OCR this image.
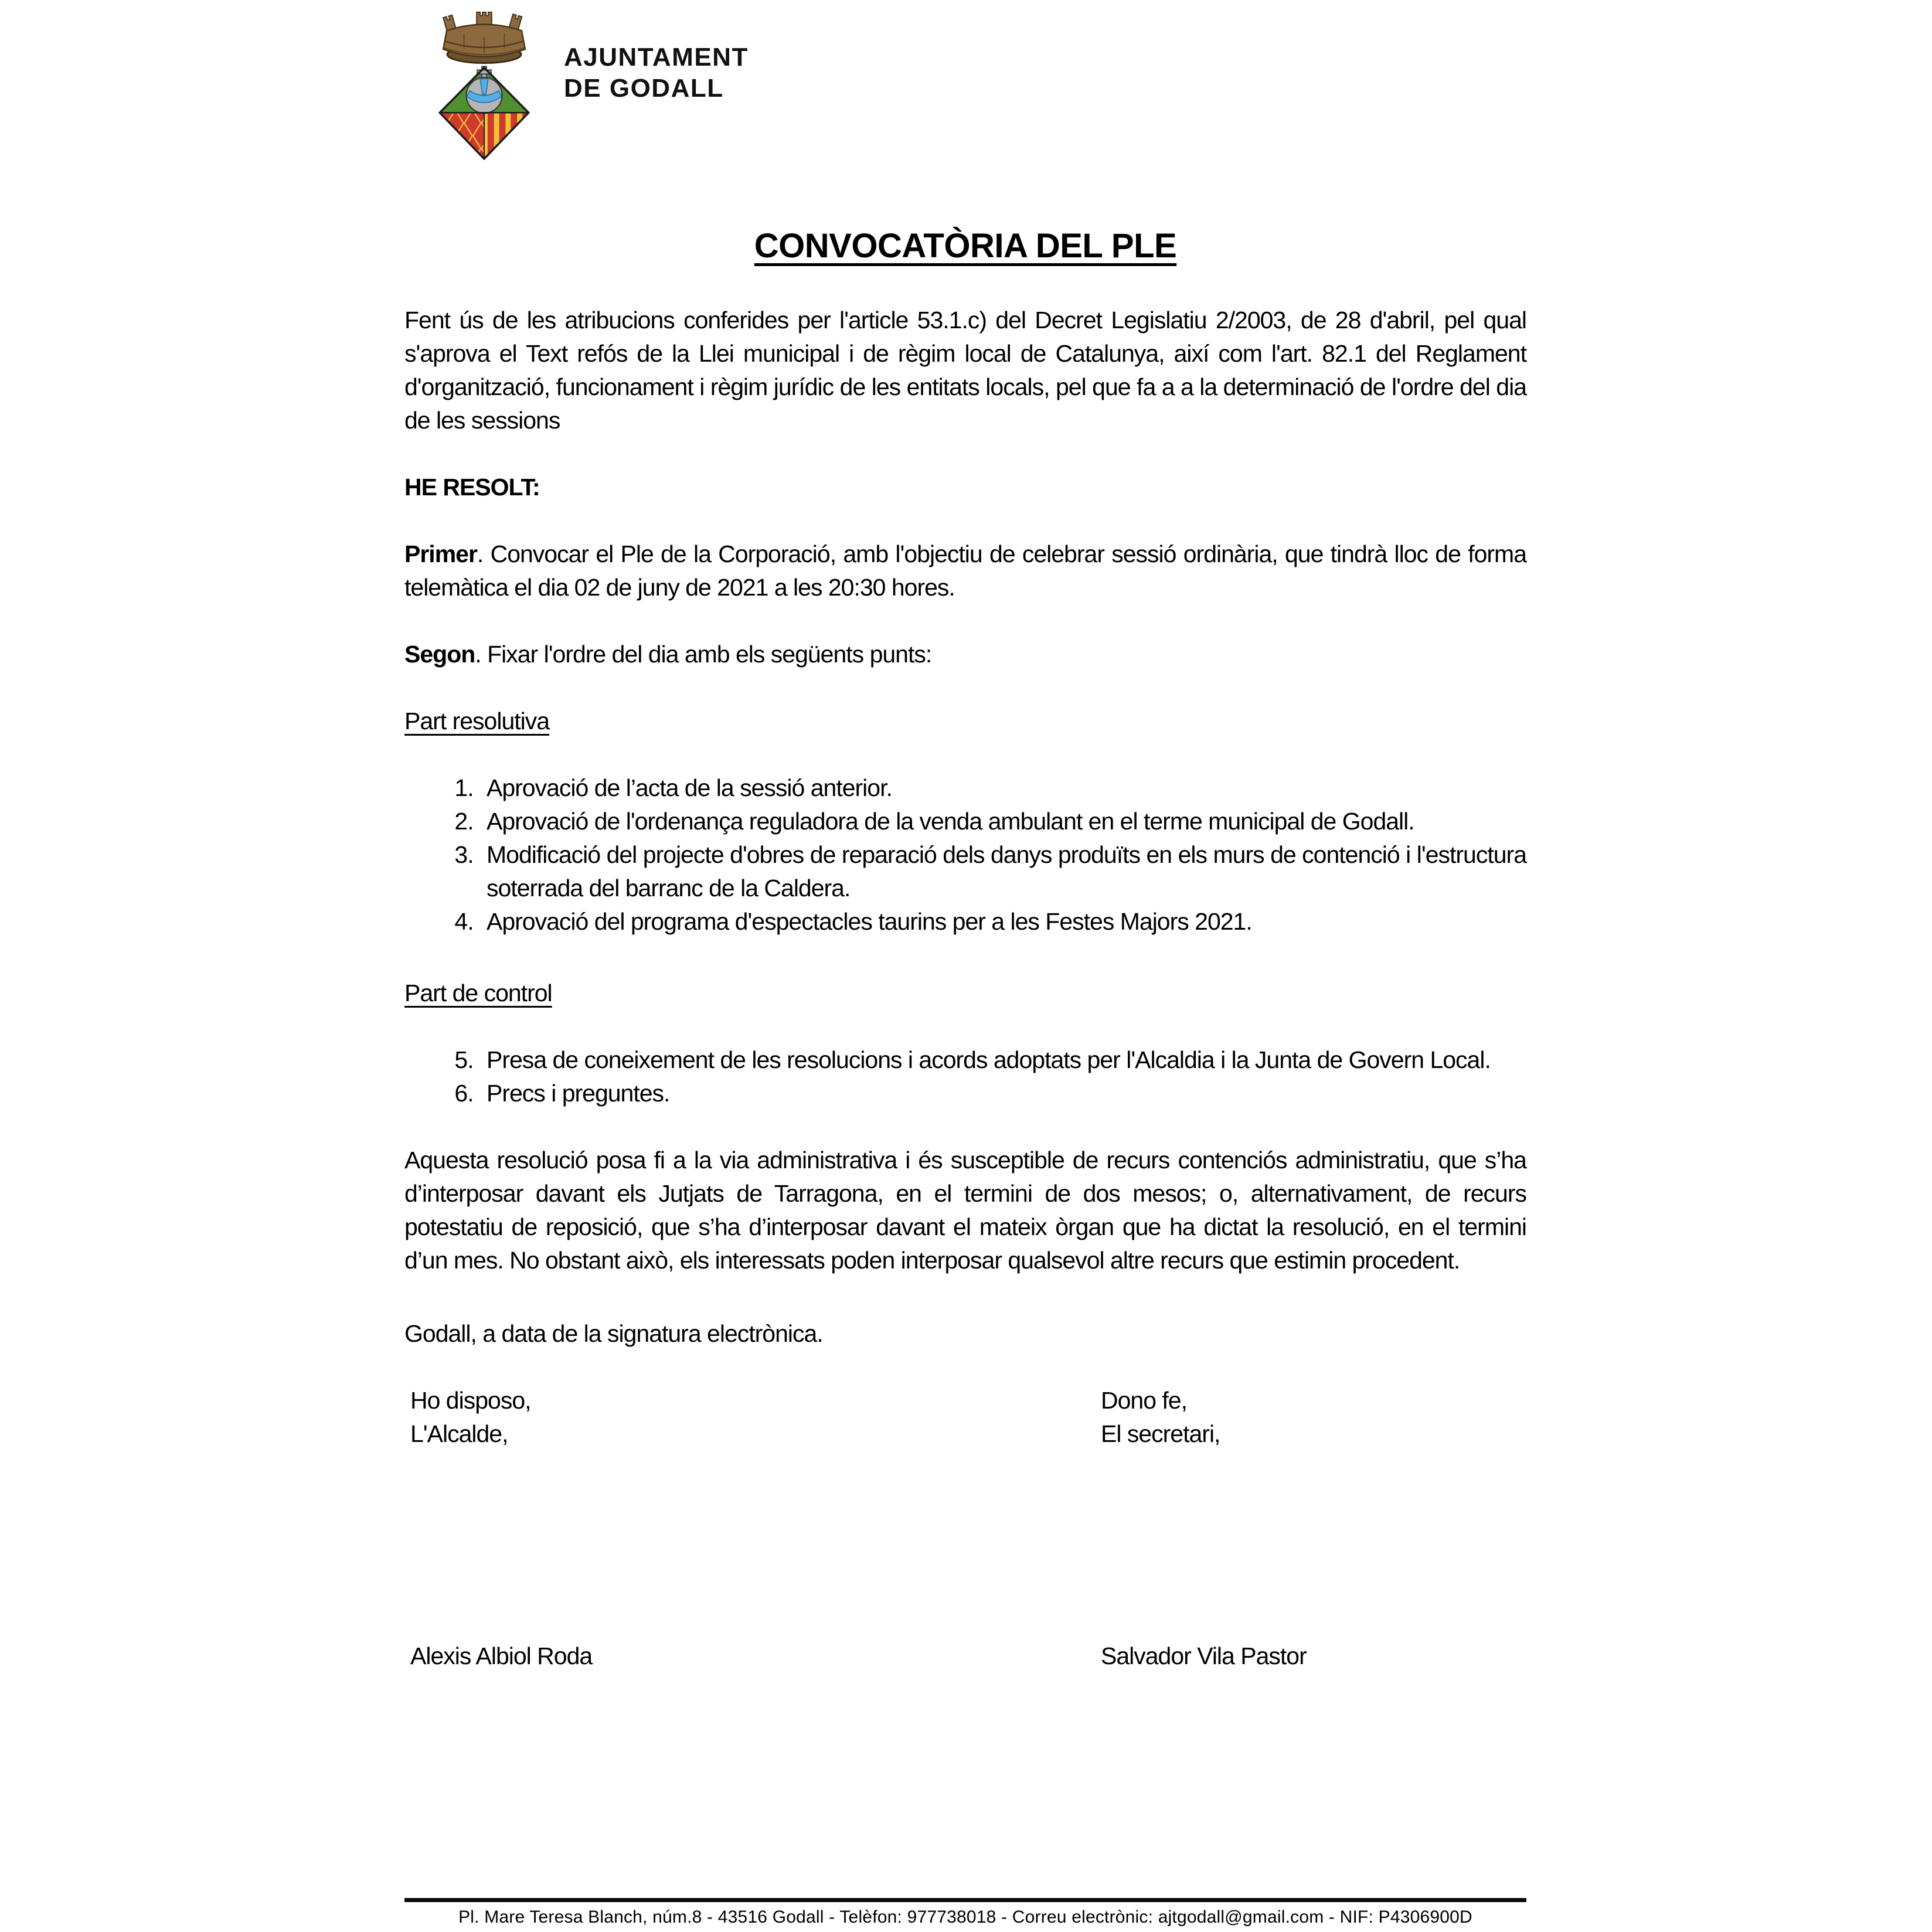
AJUNTAMENT
DE GODALL
CONVOCATÒRIA DEL PLE

Fent ús de les atribucions conferides per l'article 53.1.c) del Decret Legislatiu 2/2003, de 28 d'abril, pel qual s'aprova el Text refós de la Llei municipal i de règim local de Catalunya, així com l'art. 82.1 del Reglament d'organització, funcionament i règim jurídic de les entitats locals, pel que fa a a la determinació de l'ordre del dia de les sessions

HE RESOLT:

Primer. Convocar el Ple de la Corporació, amb l'objectiu de celebrar sessió ordinària, que tindrà lloc de forma telemàtica el dia 02 de juny de 2021 a les 20:30 hores.

Segon. Fixar l'ordre del dia amb els següents punts:

Part resolutiva

1. Aprovació de l’acta de la sessió anterior.
2. Aprovació de l'ordenança reguladora de la venda ambulant en el terme municipal de Godall.
3. Modificació del projecte d'obres de reparació dels danys produïts en els murs de contenció i l'estructura soterrada del barranc de la Caldera.
4. Aprovació del programa d'espectacles taurins per a les Festes Majors 2021.

Part de control

5. Presa de coneixement de les resolucions i acords adoptats per l'Alcaldia i la Junta de Govern Local.
6. Precs i preguntes.

Aquesta resolució posa fi a la via administrativa i és susceptible de recurs contenciós administratiu, que s’ha d’interposar davant els Jutjats de Tarragona, en el termini de dos mesos; o, alternativament, de recurs potestatiu de reposició, que s’ha d’interposar davant el mateix òrgan que ha dictat la resolució, en el termini d’un mes. No obstant això, els interessats poden interposar qualsevol altre recurs que estimin procedent.

Godall, a data de la signatura electrònica.

Ho disposo,
L'Alcalde,
Dono fe,
El secretari,
Alexis Albiol Roda	Salvador Vila Pastor
Pl. Mare Teresa Blanch, núm.8 - 43516 Godall - Telèfon: 977738018 - Correu electrònic: ajtgodall@gmail.com - NIF: P4306900D
